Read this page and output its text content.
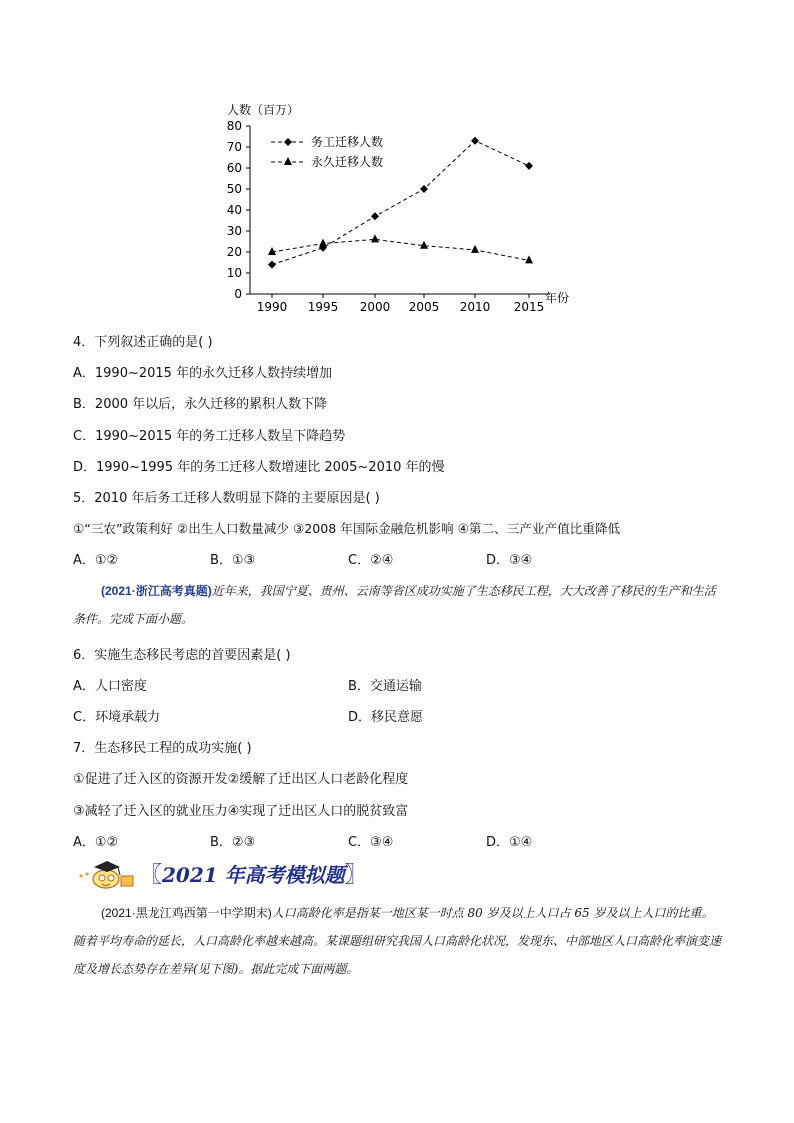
人数（百万）
0
10
20
30
40
50
60
70
80
1990 1995 2000 2005 2010 2015
年份
务工迁移人数
永久迁移人数
4．下列叙述正确的是( )
A．1990~2015 年的永久迁移人数持续增加
B．2000 年以后，永久迁移的累积人数下降
C．1990~2015 年的务工迁移人数呈下降趋势
D．1990~1995 年的务工迁移人数增速比 2005~2010 年的慢
5．2010 年后务工迁移人数明显下降的主要原因是( )
①“三农”政策利好 ②出生人口数量减少 ③2008 年国际金融危机影响 ④第二、三产业产值比重降低
A．①②	B．①③	C．②④	D．③④
(2021·浙江高考真题)近年来，我国宁夏、贵州、云南等省区成功实施了生态移民工程，大大改善了移民的生产和生活条件。完成下面小题。
6．实施生态移民考虑的首要因素是( )
A．人口密度	B．交通运输
C．环境承载力	D．移民意愿
7．生态移民工程的成功实施( )
①促进了迁入区的资源开发②缓解了迁出区人口老龄化程度
③减轻了迁入区的就业压力④实现了迁出区人口的脱贫致富
A．①②	B．②③	C．③④	D．①④
〖2021 年高考模拟题〗
(2021·黑龙江鸡西第一中学期末)人口高龄化率是指某一地区某一时点 80 岁及以上人口占 65 岁及以上人口的比重。随着平均寿命的延长，人口高龄化率越来越高。某课题组研究我国人口高龄化状况，发现东、中部地区人口高龄化率演变速度及增长态势存在差异(见下图)。据此完成下面两题。
